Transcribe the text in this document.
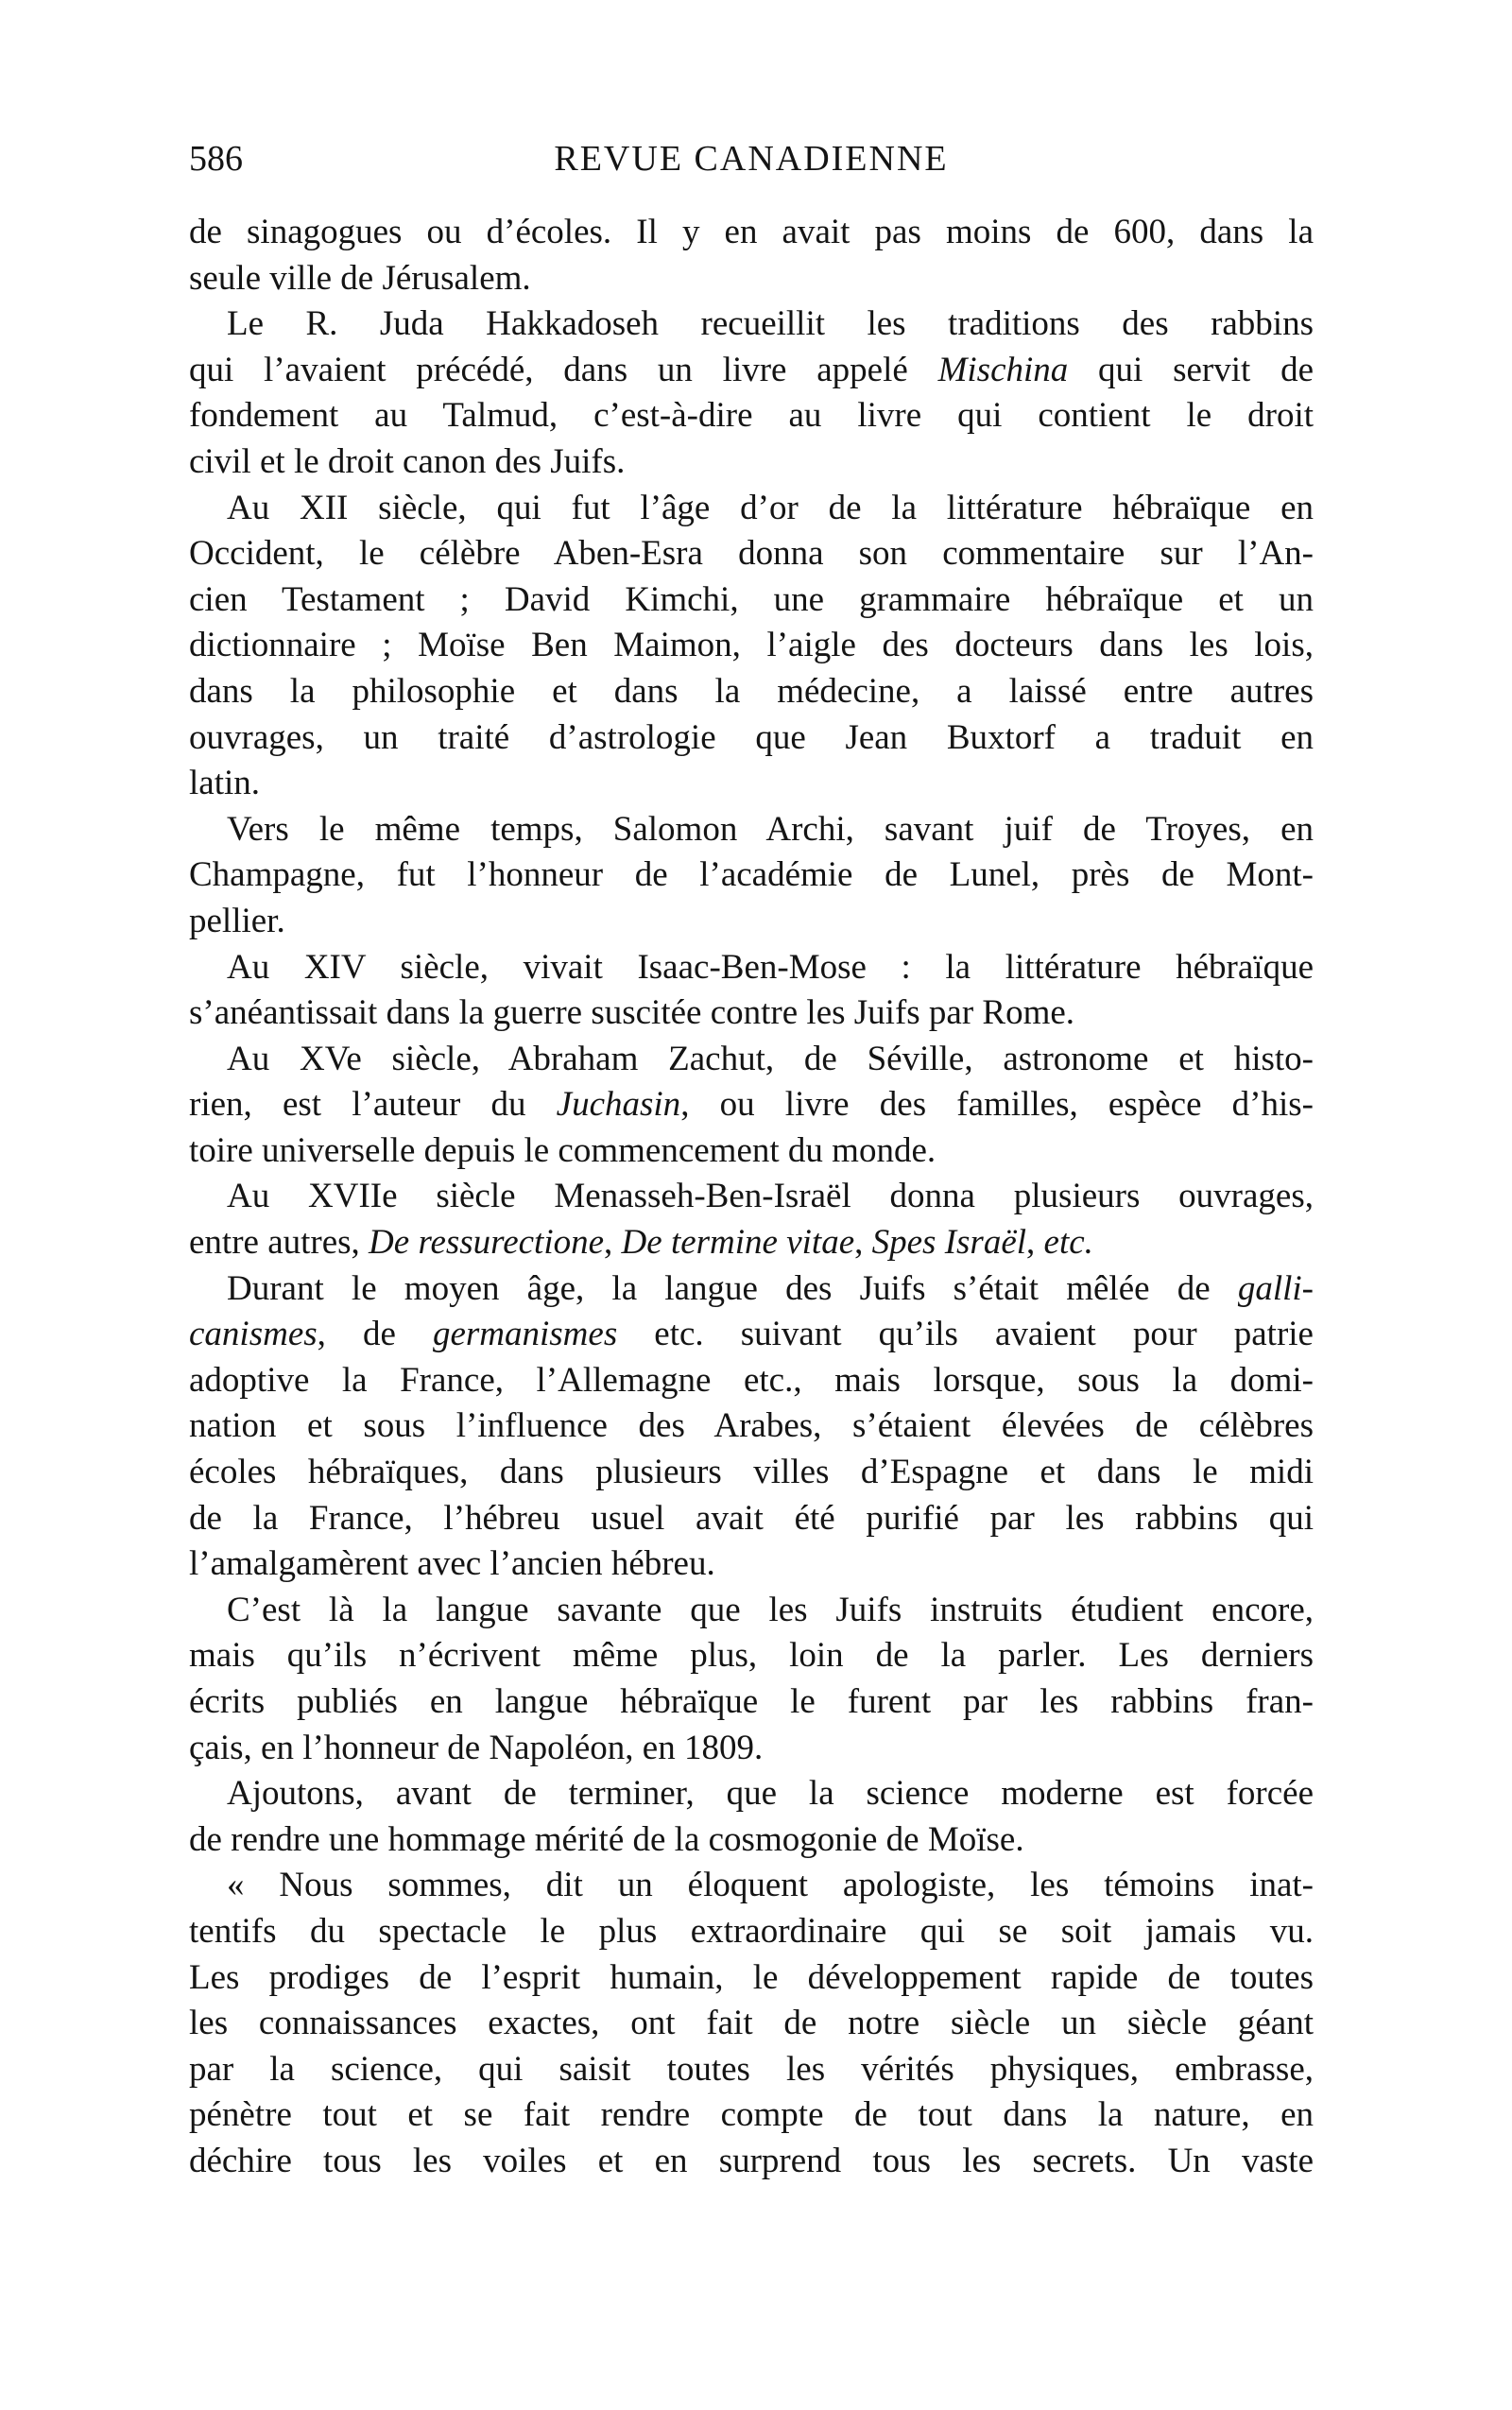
586	REVUE CANADIENNE
de sinagogues ou d’écoles. Il y en avait pas moins de 600, dans la
seule ville de Jérusalem.
Le R. Juda Hakkadoseh recueillit les traditions des rabbins
qui l’avaient précédé, dans un livre appelé Mischina qui servit de
fondement au Talmud, c’est-à-dire au livre qui contient le droit
civil et le droit canon des Juifs.
Au XII siècle, qui fut l’âge d’or de la littérature hébraïque en
Occident, le célèbre Aben-Esra donna son commentaire sur l’An-
cien Testament ; David Kimchi, une grammaire hébraïque et un
dictionnaire ; Moïse Ben Maimon, l’aigle des docteurs dans les lois,
dans la philosophie et dans la médecine, a laissé entre autres
ouvrages, un traité d’astrologie que Jean Buxtorf a traduit en
latin.
Vers le même temps, Salomon Archi, savant juif de Troyes, en
Champagne, fut l’honneur de l’académie de Lunel, près de Mont-
pellier.
Au XIV siècle, vivait Isaac-Ben-Mose : la littérature hébraïque
s’anéantissait dans la guerre suscitée contre les Juifs par Rome.
Au XVe siècle, Abraham Zachut, de Séville, astronome et histo-
rien, est l’auteur du Juchasin, ou livre des familles, espèce d’his-
toire universelle depuis le commencement du monde.
Au XVIIe siècle Menasseh-Ben-Israël donna plusieurs ouvrages,
entre autres, De ressurectione, De termine vitae, Spes Israël, etc.
Durant le moyen âge, la langue des Juifs s’était mêlée de galli-
canismes, de germanismes etc. suivant qu’ils avaient pour patrie
adoptive la France, l’Allemagne etc., mais lorsque, sous la domi-
nation et sous l’influence des Arabes, s’étaient élevées de célèbres
écoles hébraïques, dans plusieurs villes d’Espagne et dans le midi
de la France, l’hébreu usuel avait été purifié par les rabbins qui
l’amalgamèrent avec l’ancien hébreu.
C’est là la langue savante que les Juifs instruits étudient encore,
mais qu’ils n’écrivent même plus, loin de la parler. Les derniers
écrits publiés en langue hébraïque le furent par les rabbins fran-
çais, en l’honneur de Napoléon, en 1809.
Ajoutons, avant de terminer, que la science moderne est forcée
de rendre une hommage mérité de la cosmogonie de Moïse.
« Nous sommes, dit un éloquent apologiste, les témoins inat-
tentifs du spectacle le plus extraordinaire qui se soit jamais vu.
Les prodiges de l’esprit humain, le développement rapide de toutes
les connaissances exactes, ont fait de notre siècle un siècle géant
par la science, qui saisit toutes les vérités physiques, embrasse,
pénètre tout et se fait rendre compte de tout dans la nature, en
déchire tous les voiles et en surprend tous les secrets. Un vaste
